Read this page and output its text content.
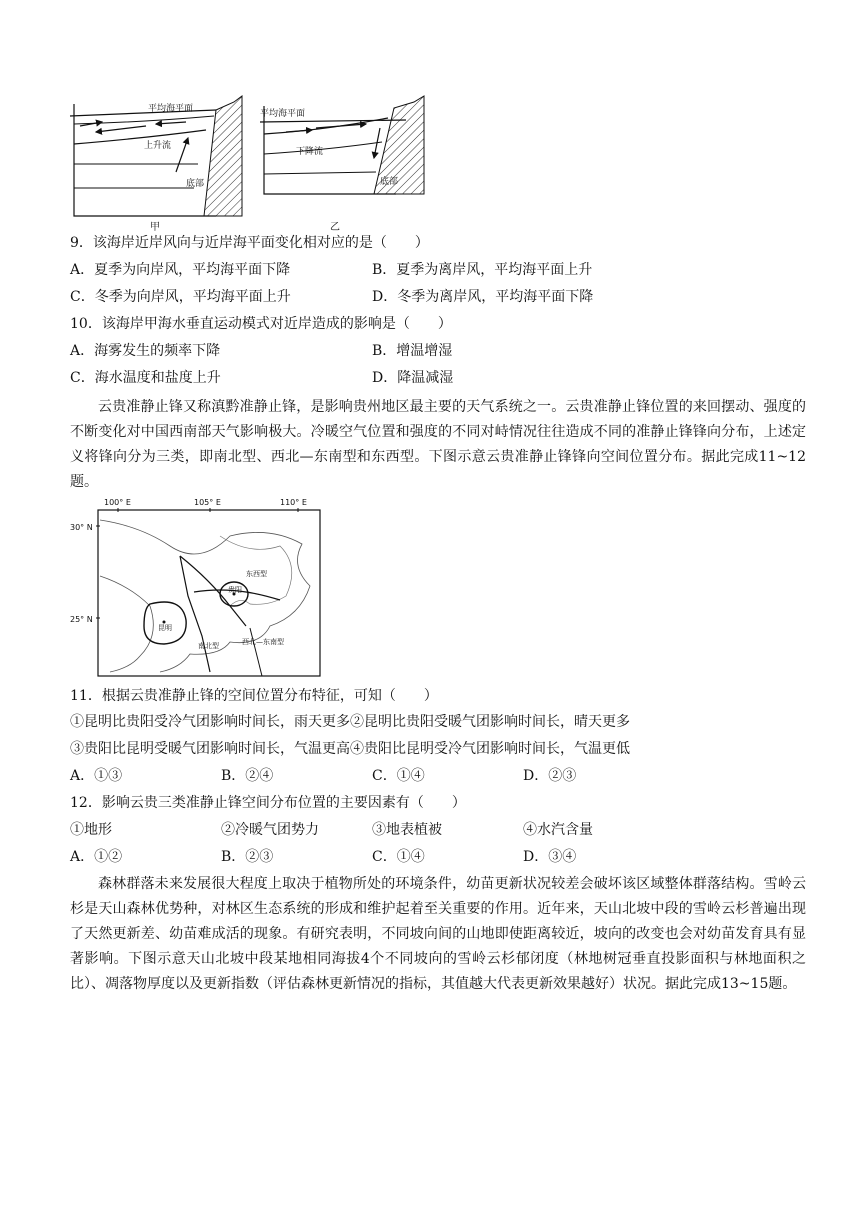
平均海平面
上升流
底部
甲
平均海平面
下降流
底部
乙
9．该海岸近岸风向与近岸海平面变化相对应的是（　　）
A．夏季为向岸风，平均海平面下降	B．夏季为离岸风，平均海平面上升
C．冬季为向岸风，平均海平面上升	D．冬季为离岸风，平均海平面下降
10．该海岸甲海水垂直运动模式对近岸造成的影响是（　　）
A．海雾发生的频率下降	B．增温增湿
C．海水温度和盐度上升	D．降温减湿
云贵准静止锋又称滇黔准静止锋，是影响贵州地区最主要的天气系统之一。云贵准静止锋位置的来回摆动、强度的不断变化对中国西南部天气影响极大。冷暖空气位置和强度的不同对峙情况往往造成不同的准静止锋锋向分布，上述定义将锋向分为三类，即南北型、西北—东南型和东西型。下图示意云贵准静止锋锋向空间位置分布。据此完成11~12题。
100° E	105° E	110° E
30° N
25° N
贵阳
昆明
东西型
南北型	西北—东南型
11．根据云贵准静止锋的空间位置分布特征，可知（　　）
①昆明比贵阳受冷气团影响时间长，雨天更多②昆明比贵阳受暖气团影响时间长，晴天更多
③贵阳比昆明受暖气团影响时间长，气温更高④贵阳比昆明受冷气团影响时间长，气温更低
A．①③	B．②④	C．①④	D．②③
12．影响云贵三类准静止锋空间分布位置的主要因素有（　　）
①地形	②冷暖气团势力	③地表植被	④水汽含量
A．①②	B．②③	C．①④	D．③④
森林群落未来发展很大程度上取决于植物所处的环境条件，幼苗更新状况较差会破坏该区域整体群落结构。雪岭云杉是天山森林优势种，对林区生态系统的形成和维护起着至关重要的作用。近年来，天山北坡中段的雪岭云杉普遍出现了天然更新差、幼苗难成活的现象。有研究表明，不同坡向间的山地即使距离较近，坡向的改变也会对幼苗发育具有显著影响。下图示意天山北坡中段某地相同海拔4个不同坡向的雪岭云杉郁闭度（林地树冠垂直投影面积与林地面积之比）、凋落物厚度以及更新指数（评估森林更新情况的指标，其值越大代表更新效果越好）状况。据此完成13~15题。
